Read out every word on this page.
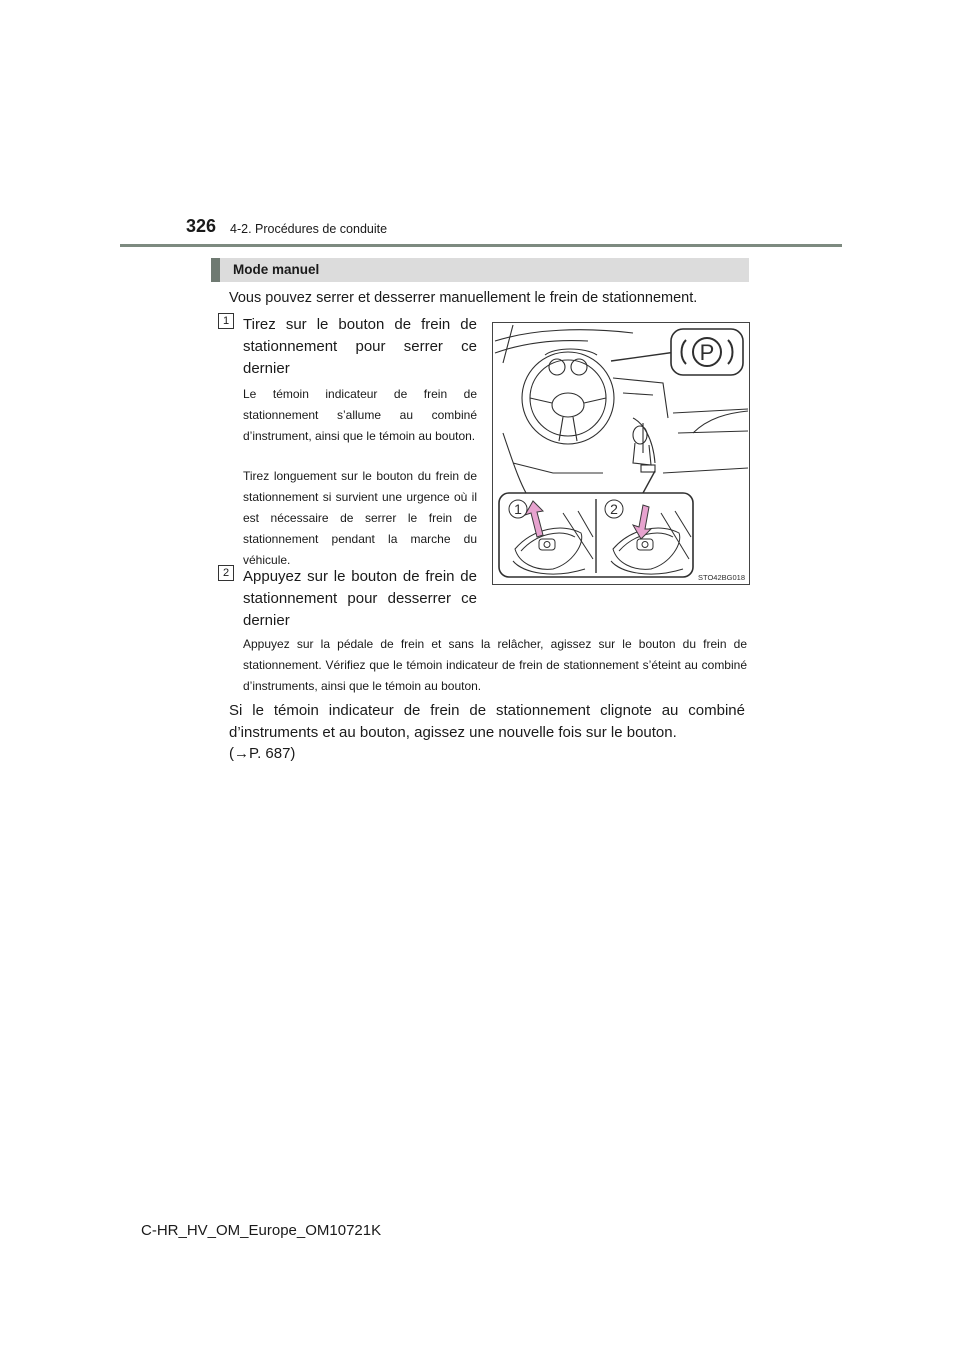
326 4-2. Procédures de conduite
Mode manuel
Vous pouvez serrer et desserrer manuellement le frein de stationnement.
1 Tirez sur le bouton de frein de stationnement pour serrer ce dernier
Le témoin indicateur de frein de stationnement s’allume au combiné d’instrument, ainsi que le témoin au bouton.
Tirez longuement sur le bouton du frein de stationnement si survient une urgence où il est nécessaire de serrer le frein de stationnement pendant la marche du véhicule.
2 Appuyez sur le bouton de frein de stationnement pour desserrer ce dernier
Appuyez sur la pédale de frein et sans la relâcher, agissez sur le bouton du frein de stationnement. Vérifiez que le témoin indicateur de frein de stationnement s’éteint au combiné d’instruments, ainsi que le témoin au bouton.
P
1	2
STO42BG018
Si le témoin indicateur de frein de stationnement clignote au combiné d’instruments et au bouton, agissez une nouvelle fois sur le bouton.
(→P. 687)
C-HR_HV_OM_Europe_OM10721K
